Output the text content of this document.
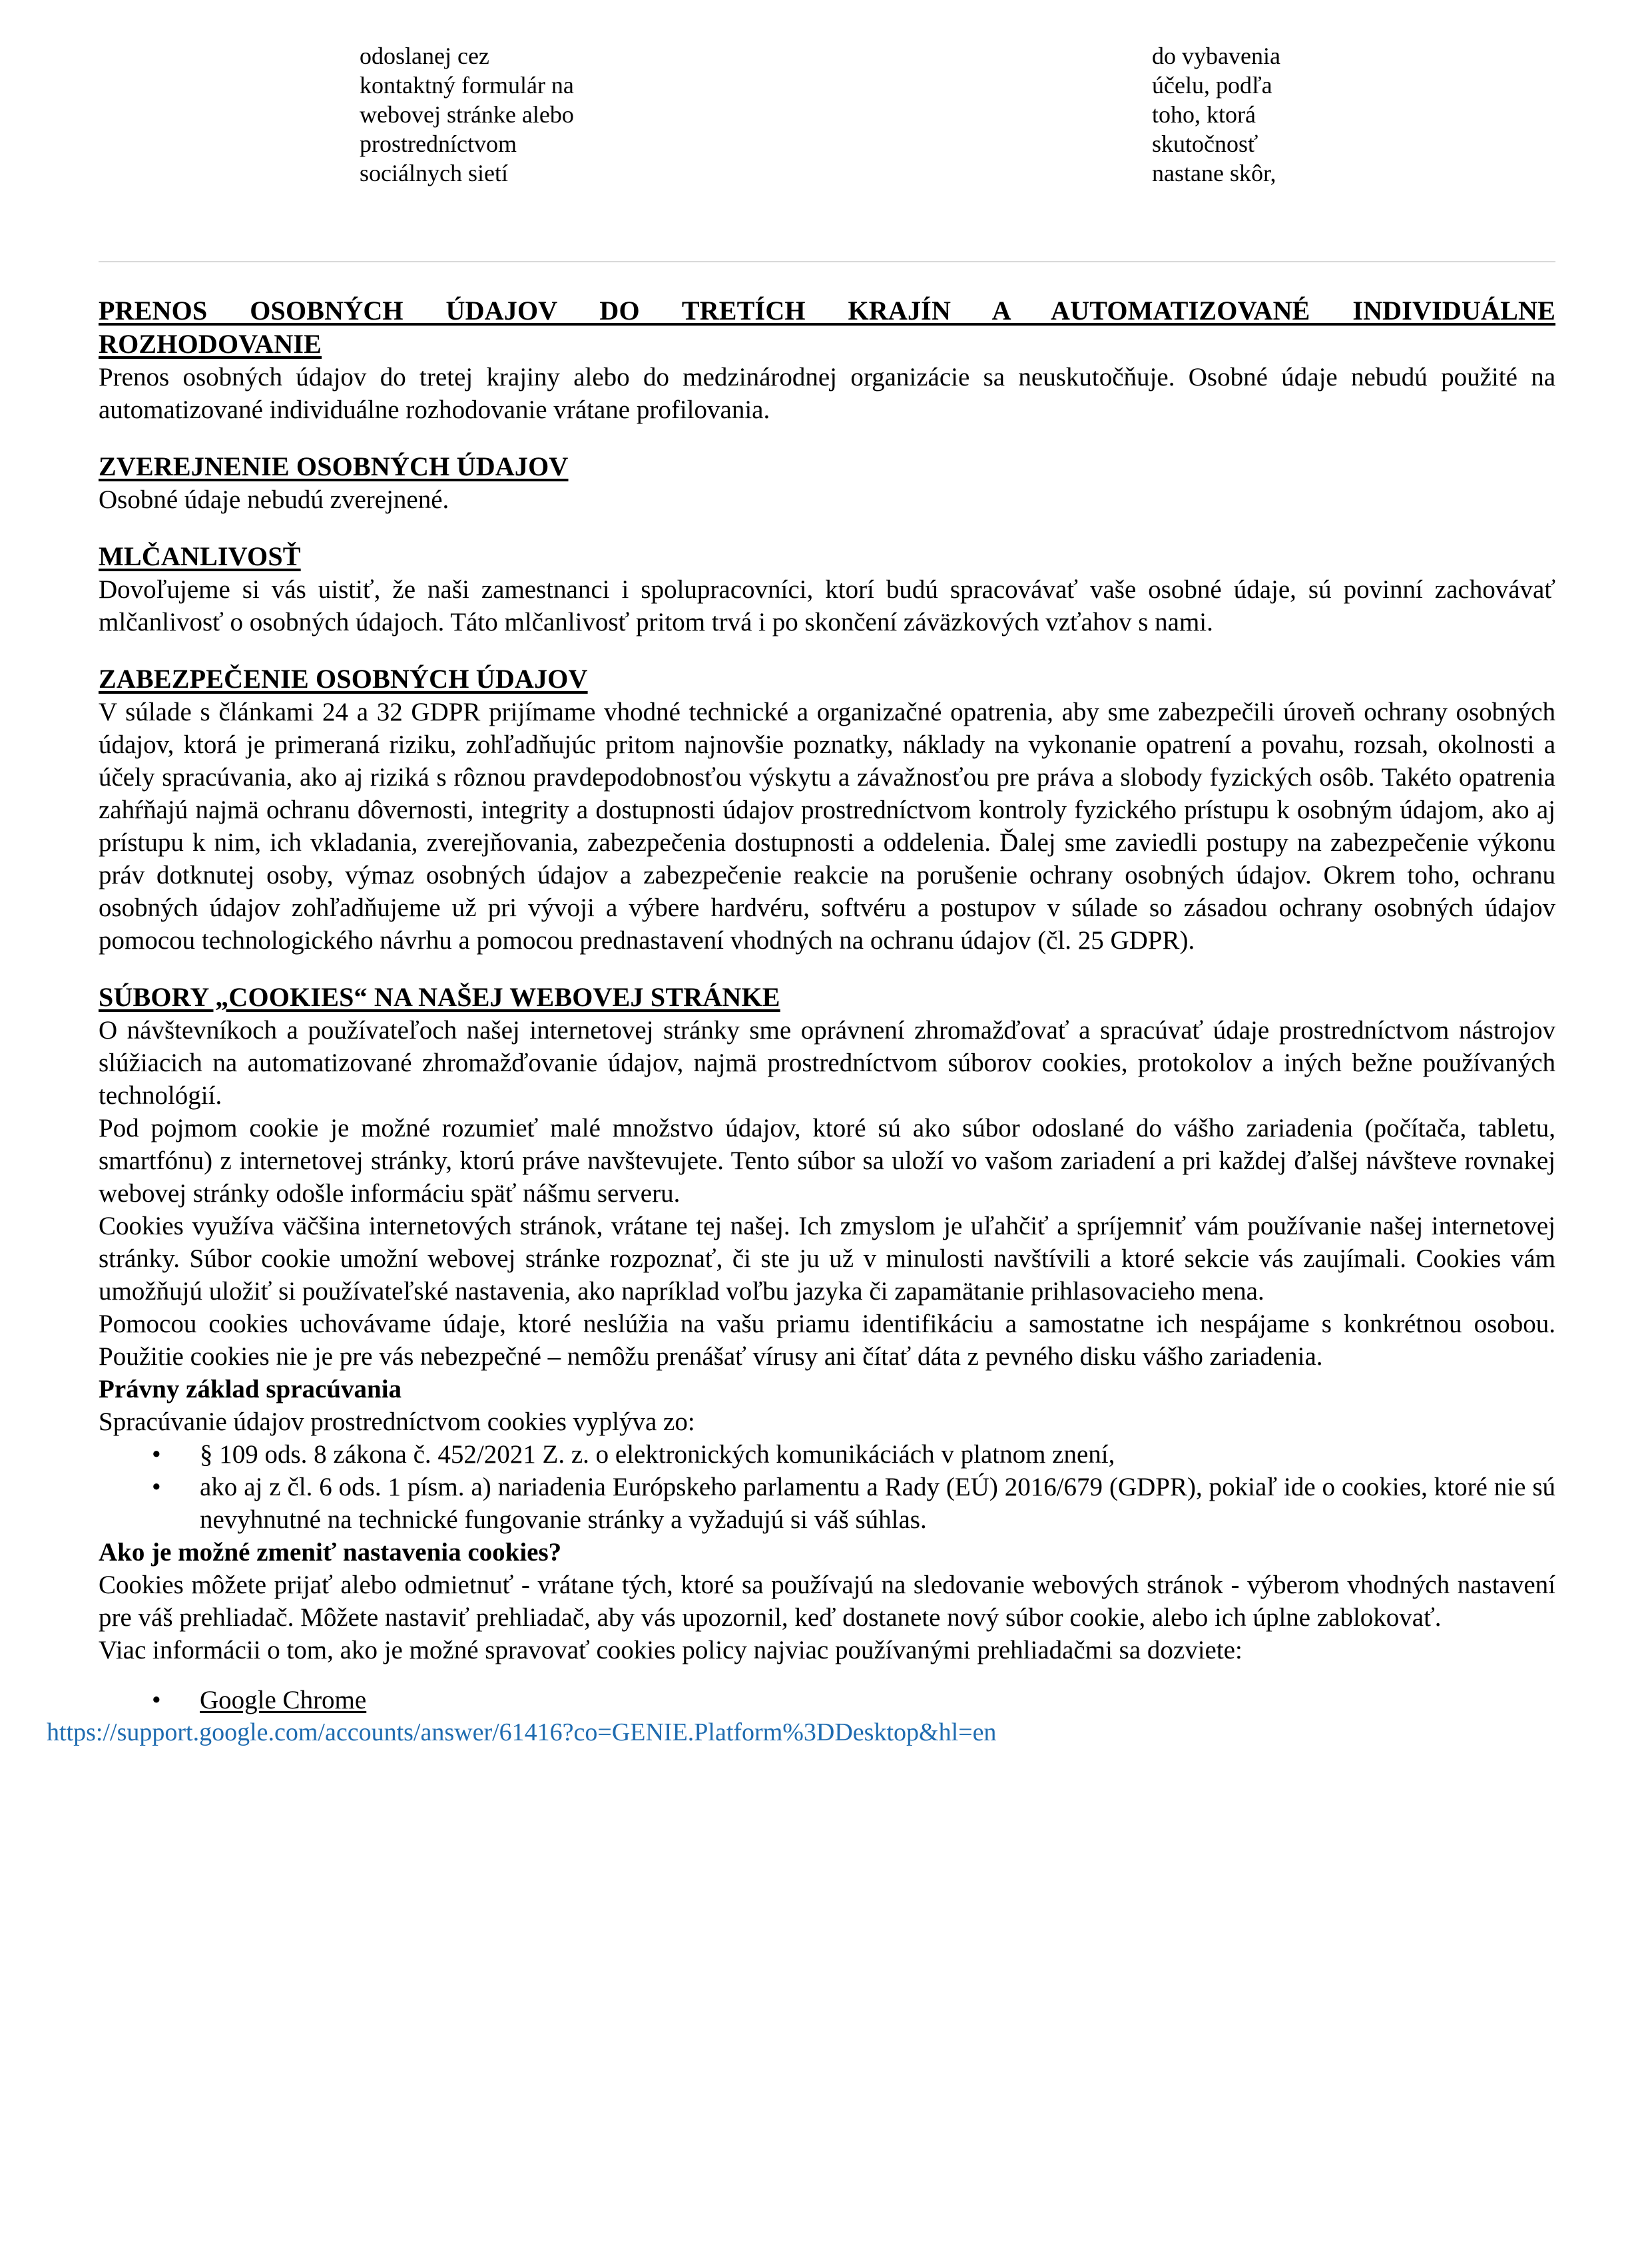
odoslanej cez
kontaktný formulár na
webovej stránke alebo
prostredníctvom
sociálnych sietí
do vybavenia
účelu, podľa
toho, ktorá
skutočnosť
nastane skôr,
PRENOS OSOBNÝCH ÚDAJOV DO TRETÍCH KRAJÍN A AUTOMATIZOVANÉ INDIVIDUÁLNE
ROZHODOVANIE

Prenos osobných údajov do tretej krajiny alebo do medzinárodnej organizácie sa neuskutočňuje. Osobné údaje nebudú použité na automatizované individuálne rozhodovanie vrátane profilovania.

ZVEREJNENIE OSOBNÝCH ÚDAJOV

Osobné údaje nebudú zverejnené.

MLČANLIVOSŤ

Dovoľujeme si vás uistiť, že naši zamestnanci i spolupracovníci, ktorí budú spracovávať vaše osobné údaje, sú povinní zachovávať mlčanlivosť o osobných údajoch. Táto mlčanlivosť pritom trvá i po skončení záväzkových vzťahov s nami.

ZABEZPEČENIE OSOBNÝCH ÚDAJOV

V súlade s článkami 24 a 32 GDPR prijímame vhodné technické a organizačné opatrenia, aby sme zabezpečili úroveň ochrany osobných údajov, ktorá je primeraná riziku, zohľadňujúc pritom najnovšie poznatky, náklady na vykonanie opatrení a povahu, rozsah, okolnosti a účely spracúvania, ako aj riziká s rôznou pravdepodobnosťou výskytu a závažnosťou pre práva a slobody fyzických osôb. Takéto opatrenia zahŕňajú najmä ochranu dôvernosti, integrity a dostupnosti údajov prostredníctvom kontroly fyzického prístupu k osobným údajom, ako aj prístupu k nim, ich vkladania, zverejňovania, zabezpečenia dostupnosti a oddelenia. Ďalej sme zaviedli postupy na zabezpečenie výkonu práv dotknutej osoby, výmaz osobných údajov a zabezpečenie reakcie na porušenie ochrany osobných údajov. Okrem toho, ochranu osobných údajov zohľadňujeme už pri vývoji a výbere hardvéru, softvéru a postupov v súlade so zásadou ochrany osobných údajov pomocou technologického návrhu a pomocou prednastavení vhodných na ochranu údajov (čl. 25 GDPR).

SÚBORY „COOKIES“ NA NAŠEJ WEBOVEJ STRÁNKE

O návštevníkoch a používateľoch našej internetovej stránky sme oprávnení zhromažďovať a spracúvať údaje prostredníctvom nástrojov slúžiacich na automatizované zhromažďovanie údajov, najmä prostredníctvom súborov cookies, protokolov a iných bežne používaných technológií.

Pod pojmom cookie je možné rozumieť malé množstvo údajov, ktoré sú ako súbor odoslané do vášho zariadenia (počítača, tabletu, smartfónu) z internetovej stránky, ktorú práve navštevujete. Tento súbor sa uloží vo vašom zariadení a pri každej ďalšej návšteve rovnakej webovej stránky odošle informáciu späť nášmu serveru.

Cookies využíva väčšina internetových stránok, vrátane tej našej. Ich zmyslom je uľahčiť a spríjemniť vám používanie našej internetovej stránky. Súbor cookie umožní webovej stránke rozpoznať, či ste ju už v minulosti navštívili a ktoré sekcie vás zaujímali. Cookies vám umožňujú uložiť si používateľské nastavenia, ako napríklad voľbu jazyka či zapamätanie prihlasovacieho mena.

Pomocou cookies uchovávame údaje, ktoré neslúžia na vašu priamu identifikáciu a samostatne ich nespájame s konkrétnou osobou. Použitie cookies nie je pre vás nebezpečné – nemôžu prenášať vírusy ani čítať dáta z pevného disku vášho zariadenia.

Právny základ spracúvania

Spracúvanie údajov prostredníctvom cookies vyplýva zo:

• § 109 ods. 8 zákona č. 452/2021 Z. z. o elektronických komunikáciách v platnom znení,
• ako aj z čl. 6 ods. 1 písm. a) nariadenia Európskeho parlamentu a Rady (EÚ) 2016/679 (GDPR), pokiaľ ide o cookies, ktoré nie sú nevyhnutné na technické fungovanie stránky a vyžadujú si váš súhlas.

Ako je možné zmeniť nastavenia cookies?

Cookies môžete prijať alebo odmietnuť - vrátane tých, ktoré sa používajú na sledovanie webových stránok - výberom vhodných nastavení pre váš prehliadač. Môžete nastaviť prehliadač, aby vás upozornil, keď dostanete nový súbor cookie, alebo ich úplne zablokovať.

Viac informácii o tom, ako je možné spravovať cookies policy najviac používanými prehliadačmi sa dozviete:

• Google Chrome

https://support.google.com/accounts/answer/61416?co=GENIE.Platform%3DDesktop&hl=en
